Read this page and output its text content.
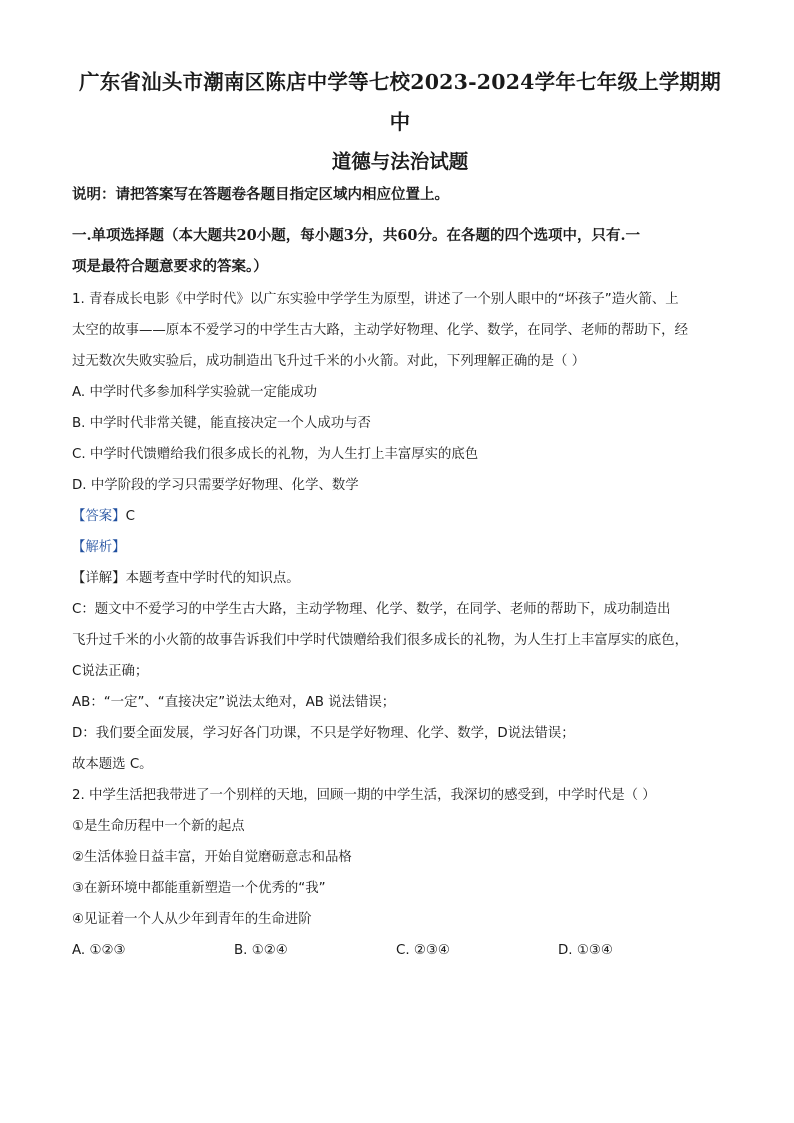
广东省汕头市潮南区陈店中学等七校2023-2024学年七年级上学期期
中
道德与法治试题

说明：请把答案写在答题卷各题目指定区域内相应位置上。

一.单项选择题（本大题共20小题，每小题3分，共60分。在各题的四个选项中，只有.一

项是最符合题意要求的答案。）

1. 青春成长电影《中学时代》以广东实验中学学生为原型，讲述了一个别人眼中的“坏孩子”造火箭、上

太空的故事——原本不爱学习的中学生古大路，主动学好物理、化学、数学，在同学、老师的帮助下，经

过无数次失败实验后，成功制造出飞升过千米的小火箭。对此，下列理解正确的是（ ）

A. 中学时代多参加科学实验就一定能成功

B. 中学时代非常关键，能直接决定一个人成功与否

C. 中学时代馈赠给我们很多成长的礼物，为人生打上丰富厚实的底色

D. 中学阶段的学习只需要学好物理、化学、数学

【答案】C

【解析】

【详解】本题考查中学时代的知识点。

C：题文中不爱学习的中学生古大路，主动学物理、化学、数学，在同学、老师的帮助下，成功制造出

飞升过千米的小火箭的故事告诉我们中学时代馈赠给我们很多成长的礼物，为人生打上丰富厚实的底色，

C说法正确；

AB：“一定”、“直接决定”说法太绝对，AB 说法错误；

D：我们要全面发展，学习好各门功课，不只是学好物理、化学、数学，D说法错误；

故本题选 C。

2. 中学生活把我带进了一个别样的天地，回顾一期的中学生活，我深切的感受到，中学时代是（ ）

①是生命历程中一个新的起点

②生活体验日益丰富，开始自觉磨砺意志和品格

③在新环境中都能重新塑造一个优秀的“我”

④见证着一个人从少年到青年的生命进阶

A. ①②③	B. ①②④	C. ②③④	D. ①③④
